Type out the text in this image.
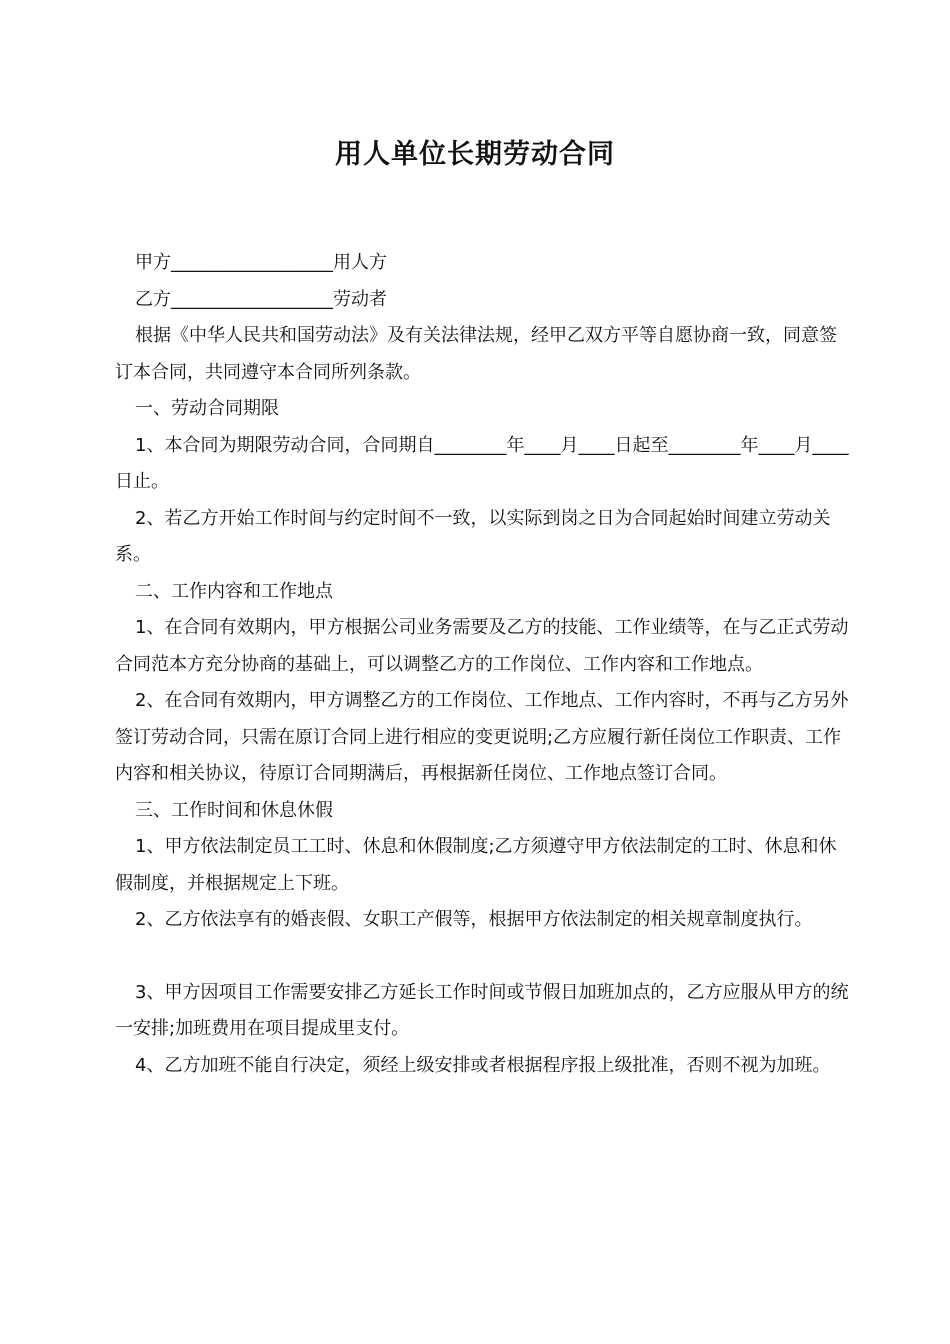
用人单位长期劳动合同

甲方__________________用人方

乙方__________________劳动者

根据《中华人民共和国劳动法》及有关法律法规，经甲乙双方平等自愿协商一致，同意签订本合同，共同遵守本合同所列条款。

一、劳动合同期限

1、本合同为期限劳动合同，合同期自________年____月____日起至________年____月____日止。

2、若乙方开始工作时间与约定时间不一致，以实际到岗之日为合同起始时间建立劳动关系。

二、工作内容和工作地点

1、在合同有效期内，甲方根据公司业务需要及乙方的技能、工作业绩等，在与乙正式劳动合同范本方充分协商的基础上，可以调整乙方的工作岗位、工作内容和工作地点。

2、在合同有效期内，甲方调整乙方的工作岗位、工作地点、工作内容时，不再与乙方另外签订劳动合同，只需在原订合同上进行相应的变更说明;乙方应履行新任岗位工作职责、工作内容和相关协议，待原订合同期满后，再根据新任岗位、工作地点签订合同。

三、工作时间和休息休假

1、甲方依法制定员工工时、休息和休假制度;乙方须遵守甲方依法制定的工时、休息和休假制度，并根据规定上下班。

2、乙方依法享有的婚丧假、女职工产假等，根据甲方依法制定的相关规章制度执行。

3、甲方因项目工作需要安排乙方延长工作时间或节假日加班加点的，乙方应服从甲方的统一安排;加班费用在项目提成里支付。

4、乙方加班不能自行决定，须经上级安排或者根据程序报上级批准，否则不视为加班。
